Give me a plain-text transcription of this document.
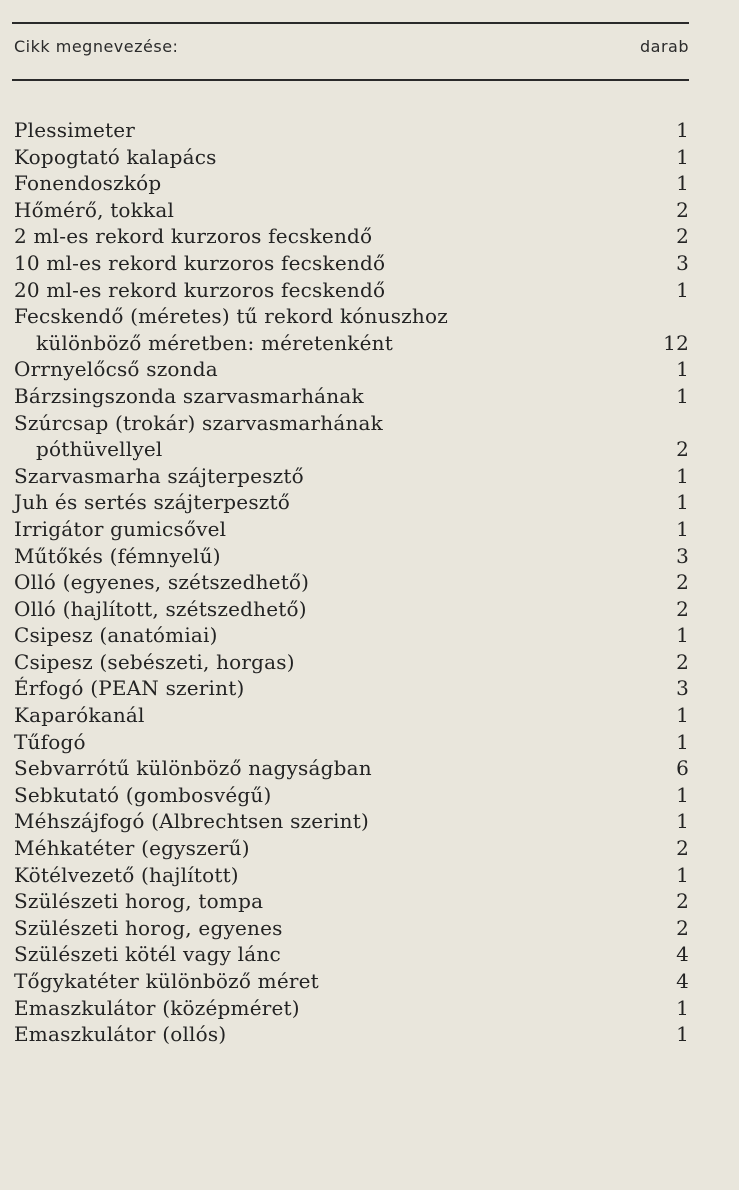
Cikk megnevezése:	darab
Plessimeter	1
Kopogtató kalapács	1
Fonendoszkóp	1
Hőmérő, tokkal	2
2 ml-es rekord kurzoros fecskendő	2
10 ml-es rekord kurzoros fecskendő	3
20 ml-es rekord kurzoros fecskendő	1
Fecskendő (méretes) tű rekord kónuszhoz
különböző méretben: méretenként	12
Orrnyelőcső szonda	1
Bárzsingszonda szarvasmarhának	1
Szúrcsap (trokár) szarvasmarhának
póthüvellyel	2
Szarvasmarha szájterpesztő	1
Juh és sertés szájterpesztő	1
Irrigátor gumicsővel	1
Műtőkés (fémnyelű)	3
Olló (egyenes, szétszedhető)	2
Olló (hajlított, szétszedhető)	2
Csipesz (anatómiai)	1
Csipesz (sebészeti, horgas)	2
Érfogó (PEAN szerint)	3
Kaparókanál	1
Tűfogó	1
Sebvarrótű különböző nagyságban	6
Sebkutató (gombosvégű)	1
Méhszájfogó (Albrechtsen szerint)	1
Méhkatéter (egyszerű)	2
Kötélvezető (hajlított)	1
Szülészeti horog, tompa	2
Szülészeti horog, egyenes	2
Szülészeti kötél vagy lánc	4
Tőgykatéter különböző méret	4
Emaszkulátor (középméret)	1
Emaszkulátor (ollós)	1
